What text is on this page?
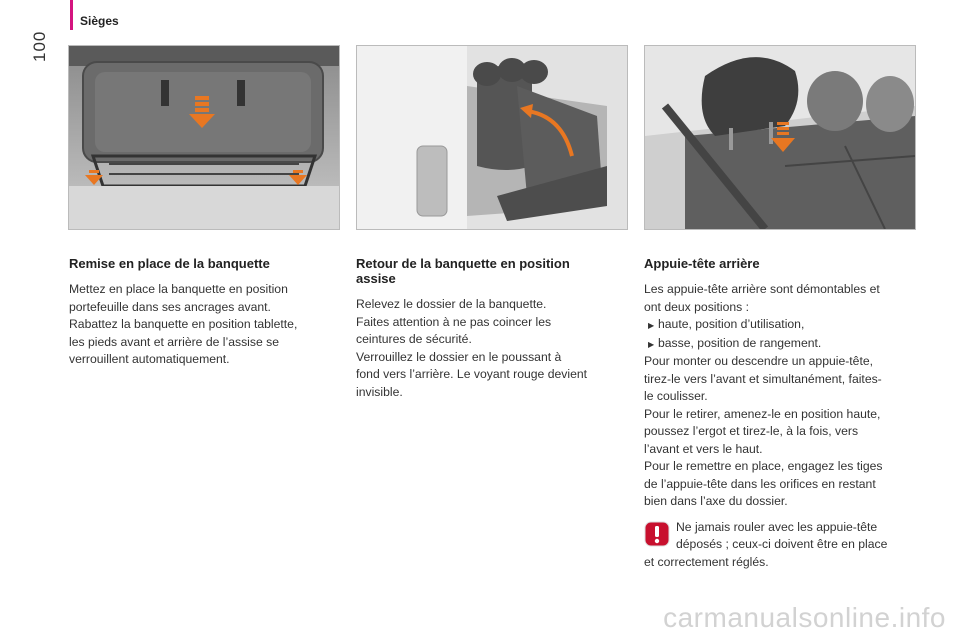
Sièges
100
Remise en place de la banquette

Mettez en place la banquette en position

portefeuille dans ses ancrages avant.

Rabattez la banquette en position tablette,

les pieds avant et arrière de l’assise se

verrouillent automatiquement.

Retour de la banquette en position
assise

Relevez le dossier de la banquette.

Faites attention à ne pas coincer les

ceintures de sécurité.

Verrouillez le dossier en le poussant à

fond vers l’arrière. Le voyant rouge devient

invisible.

Appuie-tête arrière

Les appuie-tête arrière sont démontables et

ont deux positions :

▶ haute, position d’utilisation,
▶ basse, position de rangement.

Pour monter ou descendre un appuie-tête,

tirez-le vers l’avant et simultanément, faites-

le coulisser.

Pour le retirer, amenez-le en position haute,

poussez l’ergot et tirez-le, à la fois, vers

l’avant et vers le haut.

Pour le remettre en place, engagez les tiges

de l’appuie-tête dans les orifices en restant

bien dans l’axe du dossier.

Ne jamais rouler avec les appuie-tête

déposés ; ceux-ci doivent être en place

et correctement réglés.

carmanualsonline.info
